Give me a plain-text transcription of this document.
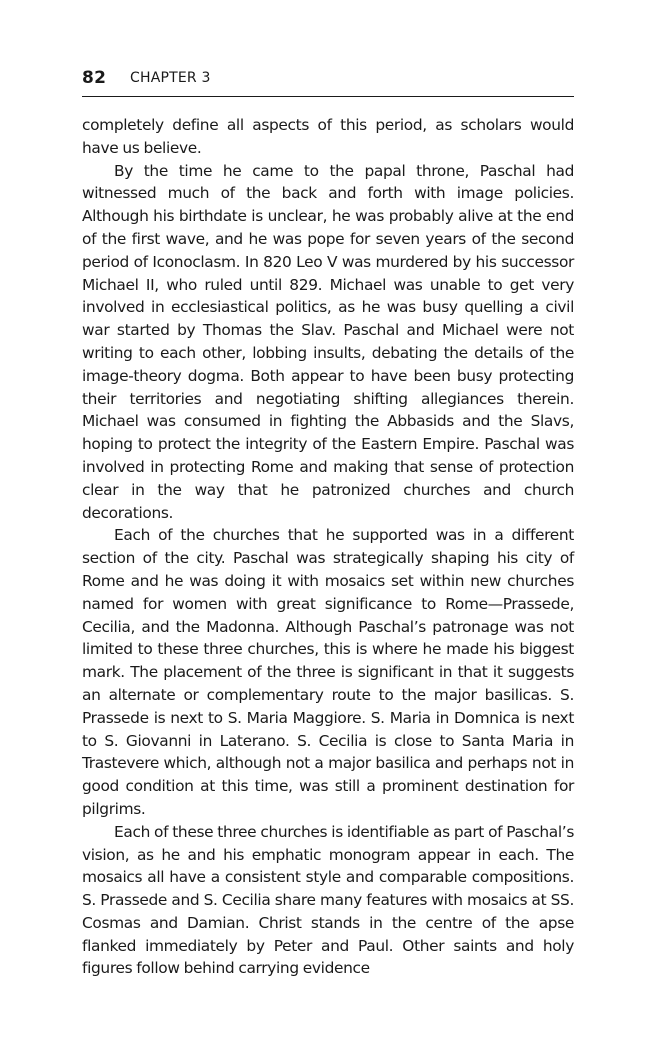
82 CHAPTER 3

completely define all aspects of this period, as scholars would have us believe.

By the time he came to the papal throne, Paschal had witnessed much of the back and forth with image policies. Although his birthdate is unclear, he was probably alive at the end of the first wave, and he was pope for seven years of the second period of Iconoclasm. In 820 Leo V was murdered by his successor Michael II, who ruled until 829. Michael was unable to get very involved in ecclesiastical politics, as he was busy quelling a civil war started by Thomas the Slav. Paschal and Michael were not writing to each other, lobbing insults, debating the details of the image-theory dogma. Both appear to have been busy protecting their territories and negotiating shifting allegiances therein. Michael was consumed in fighting the Abbasids and the Slavs, hoping to protect the integrity of the Eastern Empire. Paschal was involved in protecting Rome and making that sense of protection clear in the way that he patronized churches and church decorations.

Each of the churches that he supported was in a different section of the city. Paschal was strategically shaping his city of Rome and he was doing it with mosaics set within new churches named for women with great significance to Rome—Prassede, Cecilia, and the Madonna. Although Paschal’s patronage was not limited to these three churches, this is where he made his biggest mark. The placement of the three is significant in that it suggests an alternate or complementary route to the major basilicas. S. Prassede is next to S. Maria Maggiore. S. Maria in Domnica is next to S. Giovanni in Laterano. S. Cecilia is close to Santa Maria in Trastevere which, although not a major basilica and perhaps not in good condition at this time, was still a prominent destination for pilgrims.

Each of these three churches is identifiable as part of Paschal’s vision, as he and his emphatic monogram appear in each. The mosaics all have a consistent style and comparable compositions. S. Prassede and S. Cecilia share many features with mosaics at SS. Cosmas and Damian. Christ stands in the centre of the apse flanked immediately by Peter and Paul. Other saints and holy figures follow behind carrying evidence
